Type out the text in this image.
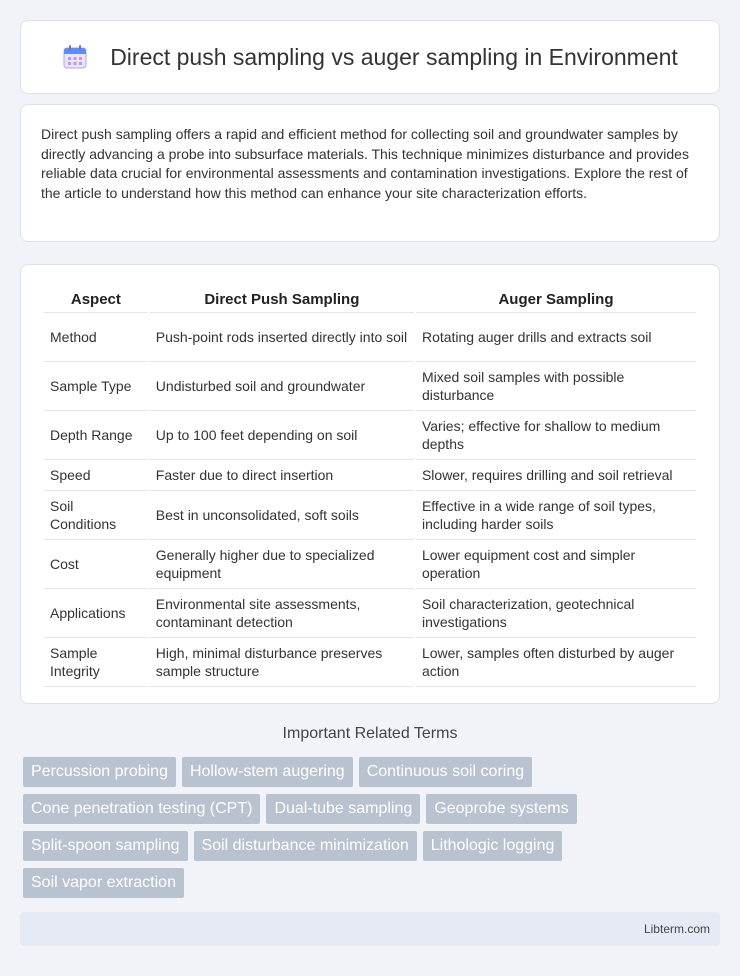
Direct push sampling vs auger sampling in Environment

Direct push sampling offers a rapid and efficient method for collecting soil and groundwater samples by directly advancing a probe into subsurface materials. This technique minimizes disturbance and provides reliable data crucial for environmental assessments and contamination investigations. Explore the rest of the article to understand how this method can enhance your site characterization efforts.

Aspect	Direct Push Sampling	Auger Sampling
Method	Push-point rods inserted directly into soil	Rotating auger drills and extracts soil
Sample Type	Undisturbed soil and groundwater	Mixed soil samples with possible disturbance
Depth Range	Up to 100 feet depending on soil	Varies; effective for shallow to medium depths
Speed	Faster due to direct insertion	Slower, requires drilling and soil retrieval
Soil Conditions	Best in unconsolidated, soft soils	Effective in a wide range of soil types, including harder soils
Cost	Generally higher due to specialized equipment	Lower equipment cost and simpler operation
Applications	Environmental site assessments, contaminant detection	Soil characterization, geotechnical investigations
Sample Integrity	High, minimal disturbance preserves sample structure	Lower, samples often disturbed by auger action
Important Related Terms
Percussion probing	Hollow-stem augering	Continuous soil coring
Cone penetration testing (CPT)	Dual-tube sampling	Geoprobe systems
Split-spoon sampling	Soil disturbance minimization	Lithologic logging
Soil vapor extraction
Libterm.com
